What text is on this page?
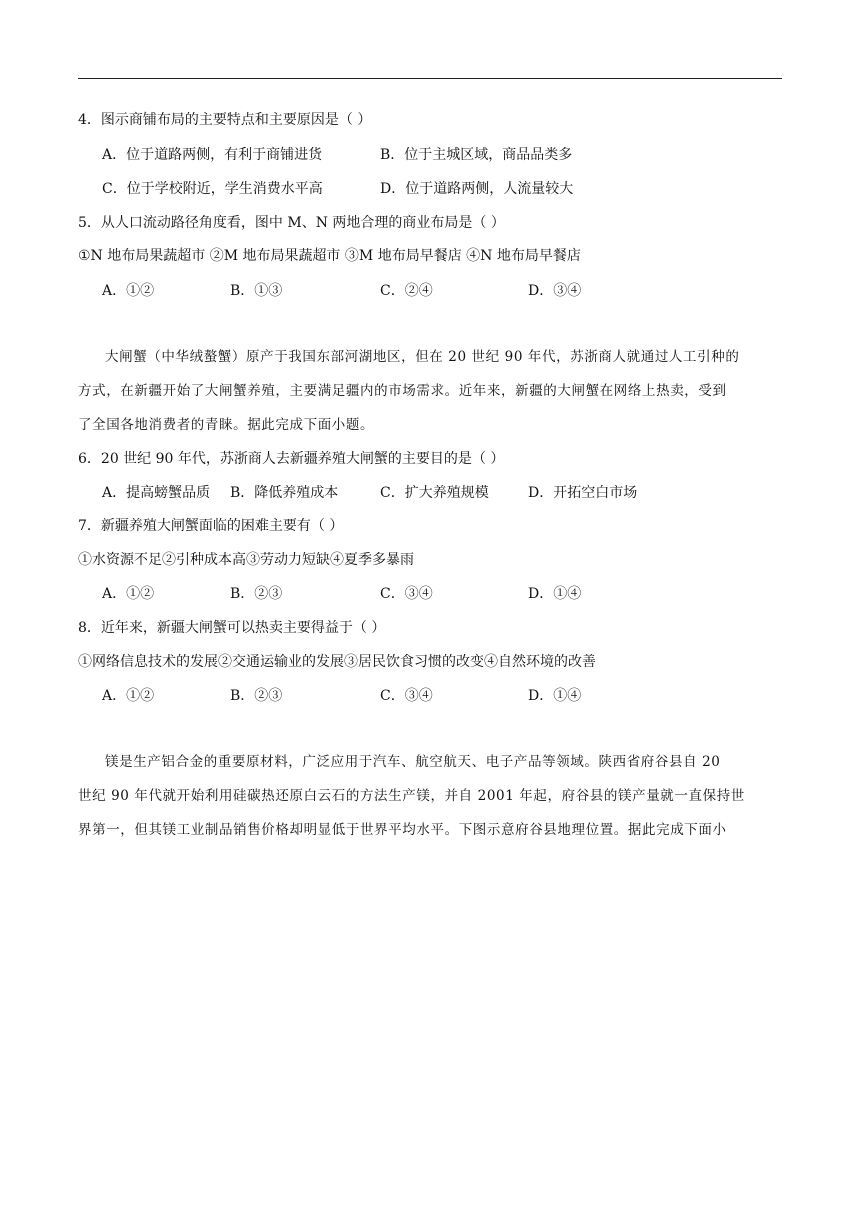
4．图示商铺布局的主要特点和主要原因是（ ）
A．位于道路两侧，有利于商铺进货	B．位于主城区域，商品品类多
C．位于学校附近，学生消费水平高	D．位于道路两侧，人流量较大
5．从人口流动路径角度看，图中 M、N 两地合理的商业布局是（ ）
①N 地布局果蔬超市 ②M 地布局果蔬超市 ③M 地布局早餐店 ④N 地布局早餐店
A．①②	B．①③	C．②④	D．③④

大闸蟹（中华绒螯蟹）原产于我国东部河湖地区，但在 20 世纪 90 年代，苏浙商人就通过人工引种的

方式，在新疆开始了大闸蟹养殖，主要满足疆内的市场需求。近年来，新疆的大闸蟹在网络上热卖，受到

了全国各地消费者的青睐。据此完成下面小题。

6．20 世纪 90 年代，苏浙商人去新疆养殖大闸蟹的主要目的是（ ）
A．提高螃蟹品质 B．降低养殖成本	C．扩大养殖规模	D．开拓空白市场
7．新疆养殖大闸蟹面临的困难主要有（ ）
①水资源不足②引种成本高③劳动力短缺④夏季多暴雨
A．①②	B．②③	C．③④	D．①④
8．近年来，新疆大闸蟹可以热卖主要得益于（ ）
①网络信息技术的发展②交通运输业的发展③居民饮食习惯的改变④自然环境的改善
A．①②	B．②③	C．③④	D．①④

镁是生产铝合金的重要原材料，广泛应用于汽车、航空航天、电子产品等领域。陕西省府谷县自 20

世纪 90 年代就开始利用硅碳热还原白云石的方法生产镁，并自 2001 年起，府谷县的镁产量就一直保持世

界第一，但其镁工业制品销售价格却明显低于世界平均水平。下图示意府谷县地理位置。据此完成下面小
